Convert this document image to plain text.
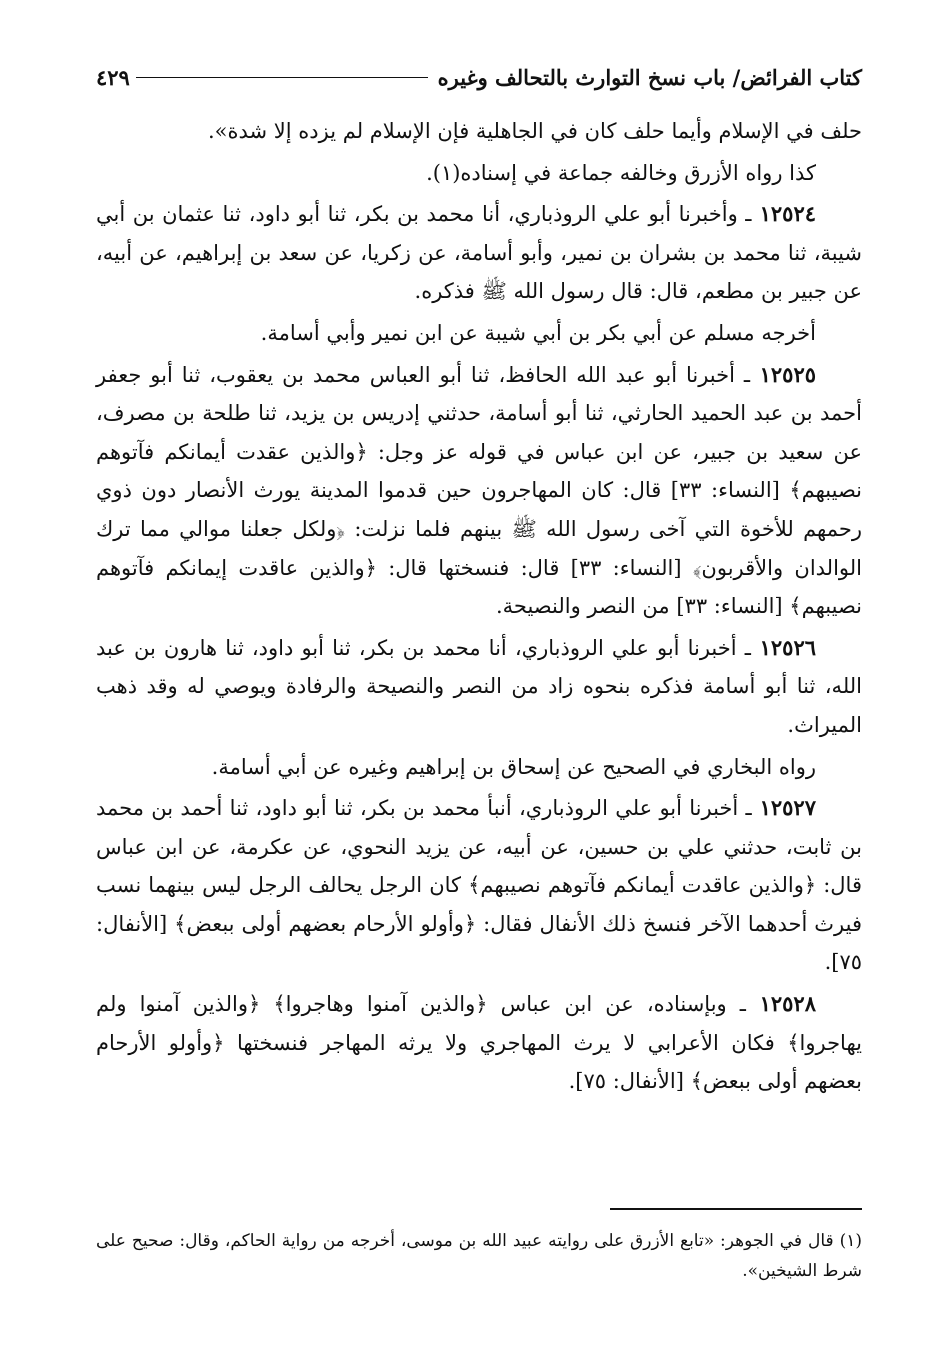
كتاب الفرائض/ باب نسخ التوارث بالتحالف وغيره
٤٢٩

حلف في الإسلام وأيما حلف كان في الجاهلية فإن الإسلام لم يزده إلا شدة».

كذا رواه الأزرق وخالفه جماعة في إسناده(١).

١٢٥٢٤ ـ وأخبرنا أبو علي الروذباري، أنا محمد بن بكر، ثنا أبو داود، ثنا عثمان بن أبي شيبة، ثنا محمد بن بشران بن نمير، وأبو أسامة، عن زكريا، عن سعد بن إبراهيم، عن أبيه، عن جبير بن مطعم، قال: قال رسول الله ﷺ فذكره.

أخرجه مسلم عن أبي بكر بن أبي شيبة عن ابن نمير وأبي أسامة.

١٢٥٢٥ ـ أخبرنا أبو عبد الله الحافظ، ثنا أبو العباس محمد بن يعقوب، ثنا أبو جعفر أحمد بن عبد الحميد الحارثي، ثنا أبو أسامة، حدثني إدريس بن يزيد، ثنا طلحة بن مصرف، عن سعيد بن جبير، عن ابن عباس في قوله عز وجل: ﴿والذين عقدت أيمانكم فآتوهم نصيبهم﴾ [النساء: ٣٣] قال: كان المهاجرون حين قدموا المدينة يورث الأنصار دون ذوي رحمهم للأخوة التي آخى رسول الله ﷺ بينهم فلما نزلت: ﴿ولكل جعلنا موالي مما ترك الوالدان والأقربون﴾ [النساء: ٣٣] قال: فنسختها قال: ﴿والذين عاقدت إيمانكم فآتوهم نصيبهم﴾ [النساء: ٣٣] من النصر والنصيحة.

١٢٥٢٦ ـ أخبرنا أبو علي الروذباري، أنا محمد بن بكر، ثنا أبو داود، ثنا هارون بن عبد الله، ثنا أبو أسامة فذكره بنحوه زاد من النصر والنصيحة والرفادة ويوصي له وقد ذهب الميراث.

رواه البخاري في الصحيح عن إسحاق بن إبراهيم وغيره عن أبي أسامة.

١٢٥٢٧ ـ أخبرنا أبو علي الروذباري، أنبأ محمد بن بكر، ثنا أبو داود، ثنا أحمد بن محمد بن ثابت، حدثني علي بن حسين، عن أبيه، عن يزيد النحوي، عن عكرمة، عن ابن عباس قال: ﴿والذين عاقدت أيمانكم فآتوهم نصيبهم﴾ كان الرجل يحالف الرجل ليس بينهما نسب فيرث أحدهما الآخر فنسخ ذلك الأنفال فقال: ﴿وأولو الأرحام بعضهم أولى ببعض﴾ [الأنفال: ٧٥].

١٢٥٢٨ ـ وبإسناده، عن ابن عباس ﴿والذين آمنوا وهاجروا﴾ ﴿والذين آمنوا ولم يهاجروا﴾ فكان الأعرابي لا يرث المهاجري ولا يرثه المهاجر فنسختها ﴿وأولو الأرحام بعضهم أولى ببعض﴾ [الأنفال: ٧٥].

(١) قال في الجوهر: «تابع الأزرق على روايته عبيد الله بن موسى، أخرجه من رواية الحاكم، وقال: صحيح على شرط الشيخين».
